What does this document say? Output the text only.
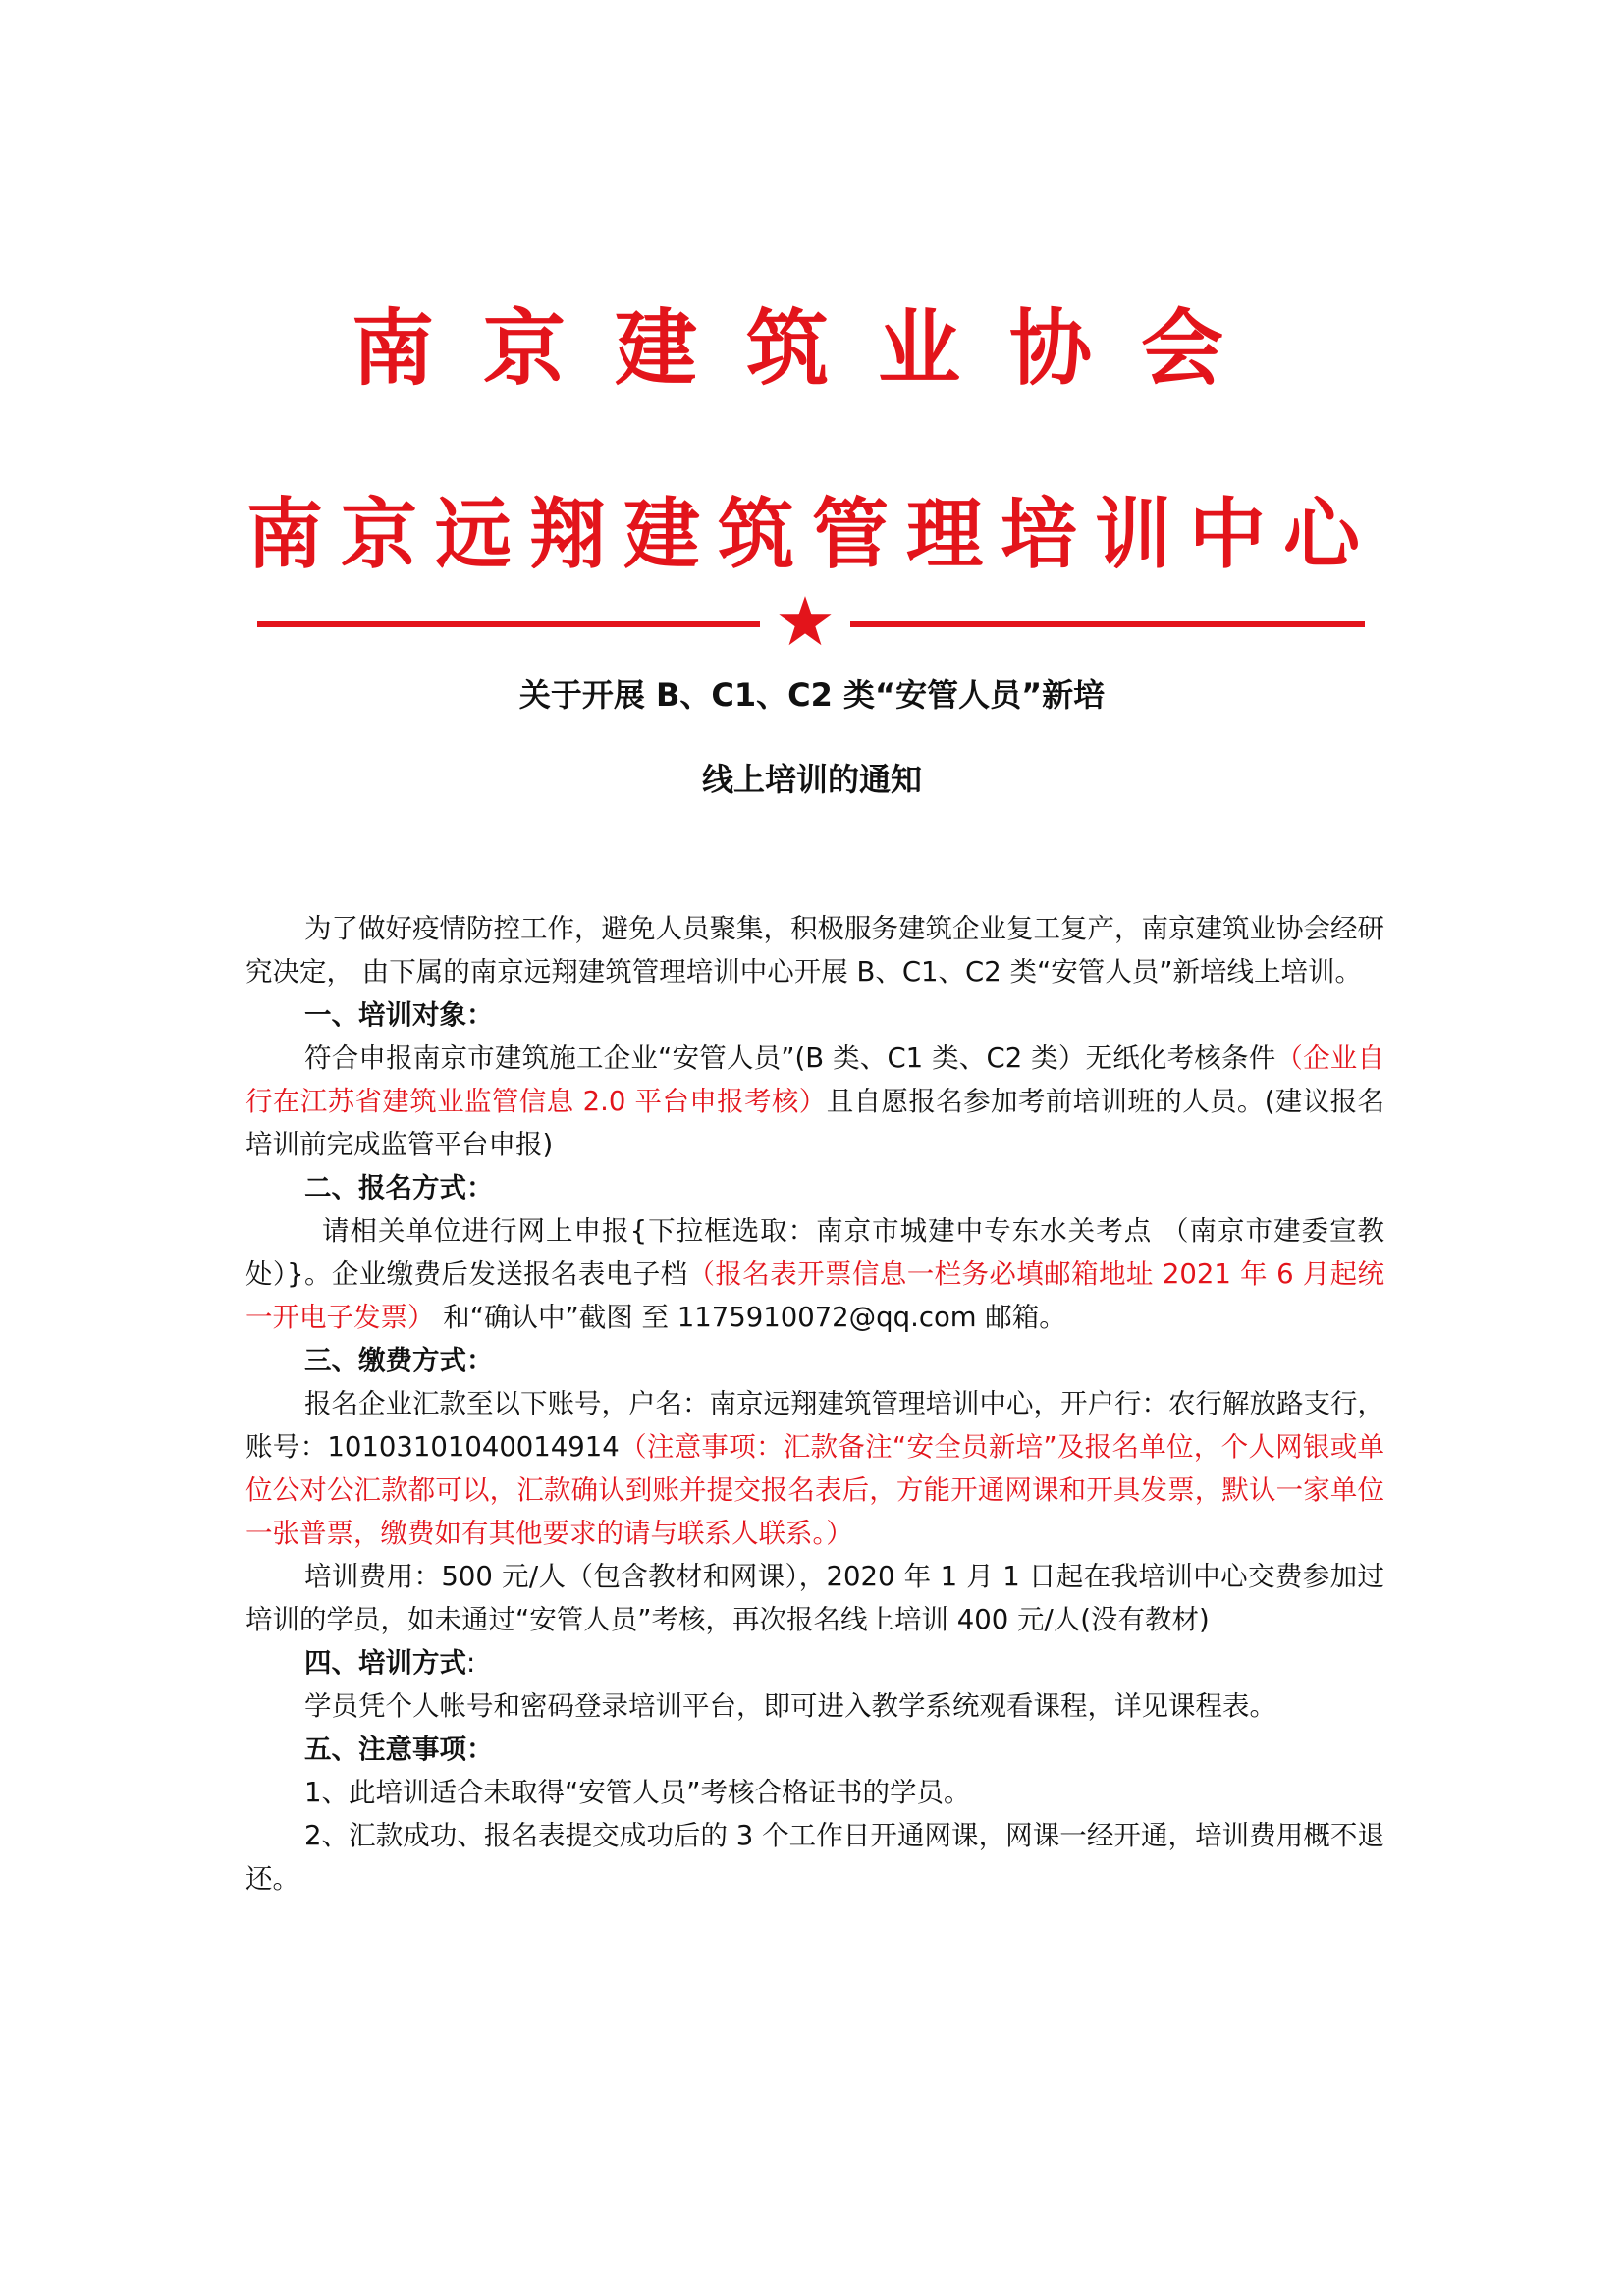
南京建筑业协会
南京远翔建筑管理培训中心
关于开展 B、C1、C2 类“安管人员”新培
线上培训的通知

为了做好疫情防控工作，避免人员聚集，积极服务建筑企业复工复产，南京建筑业协会经研究决定， 由下属的南京远翔建筑管理培训中心开展 B、C1、C2 类“安管人员”新培线上培训。

一、培训对象：

符合申报南京市建筑施工企业“安管人员”(B 类、C1 类、C2 类）无纸化考核条件（企业自行在江苏省建筑业监管信息 2.0 平台申报考核）且自愿报名参加考前培训班的人员。(建议报名培训前完成监管平台申报)

二、报名方式：

请相关单位进行网上申报{下拉框选取：南京市城建中专东水关考点 （南京市建委宣教处）}。企业缴费后发送报名表电子档（报名表开票信息一栏务必填邮箱地址 2021 年 6 月起统一开电子发票） 和“确认中”截图 至 1175910072@qq.com 邮箱。

三、缴费方式：

报名企业汇款至以下账号，户名：南京远翔建筑管理培训中心，开户行：农行解放路支行，账号：10103101040014914（注意事项：汇款备注“安全员新培”及报名单位，个人网银或单位公对公汇款都可以，汇款确认到账并提交报名表后，方能开通网课和开具发票，默认一家单位一张普票，缴费如有其他要求的请与联系人联系。）

培训费用：500 元/人（包含教材和网课），2020 年 1 月 1 日起在我培训中心交费参加过培训的学员，如未通过“安管人员”考核，再次报名线上培训 400 元/人(没有教材)

四、培训方式:

学员凭个人帐号和密码登录培训平台，即可进入教学系统观看课程，详见课程表。

五、注意事项：

1、此培训适合未取得“安管人员”考核合格证书的学员。

2、汇款成功、报名表提交成功后的 3 个工作日开通网课，网课一经开通，培训费用概不退还。
